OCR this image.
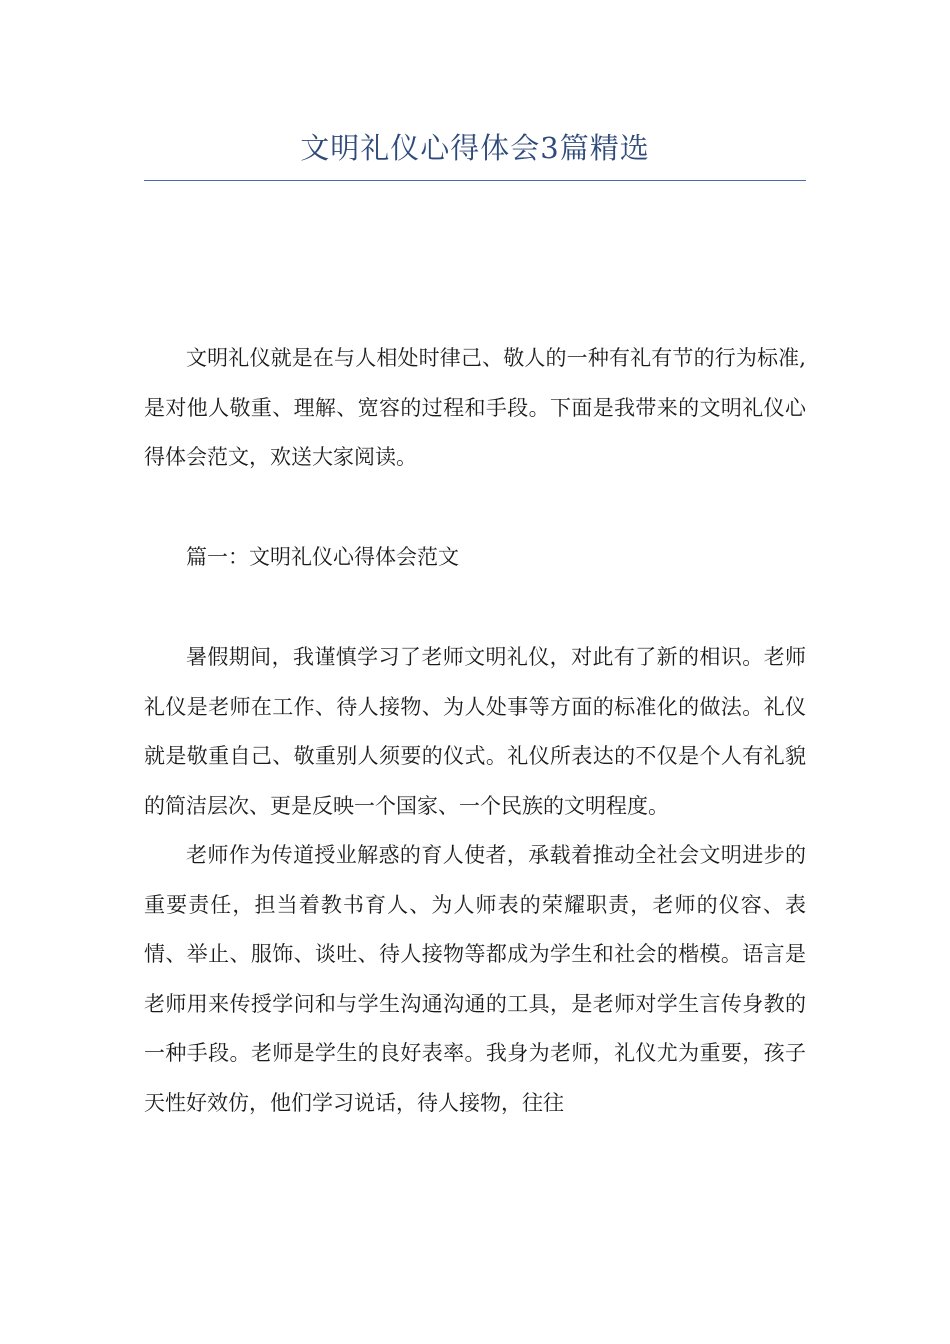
文明礼仪心得体会3篇精选

文明礼仪就是在与人相处时律己、敬人的一种有礼有节的行为标准,是对他人敬重、理解、宽容的过程和手段。下面是我带来的文明礼仪心得体会范文，欢送大家阅读。

篇一：文明礼仪心得体会范文

暑假期间，我谨慎学习了老师文明礼仪，对此有了新的相识。老师礼仪是老师在工作、待人接物、为人处事等方面的标准化的做法。礼仪就是敬重自己、敬重别人须要的仪式。礼仪所表达的不仅是个人有礼貌的简洁层次、更是反映一个国家、一个民族的文明程度。

老师作为传道授业解惑的育人使者，承载着推动全社会文明进步的重要责任，担当着教书育人、为人师表的荣耀职责，老师的仪容、表情、举止、服饰、谈吐、待人接物等都成为学生和社会的楷模。语言是老师用来传授学问和与学生沟通沟通的工具，是老师对学生言传身教的一种手段。老师是学生的良好表率。我身为老师，礼仪尤为重要，孩子天性好效仿，他们学习说话，待人接物，往往
